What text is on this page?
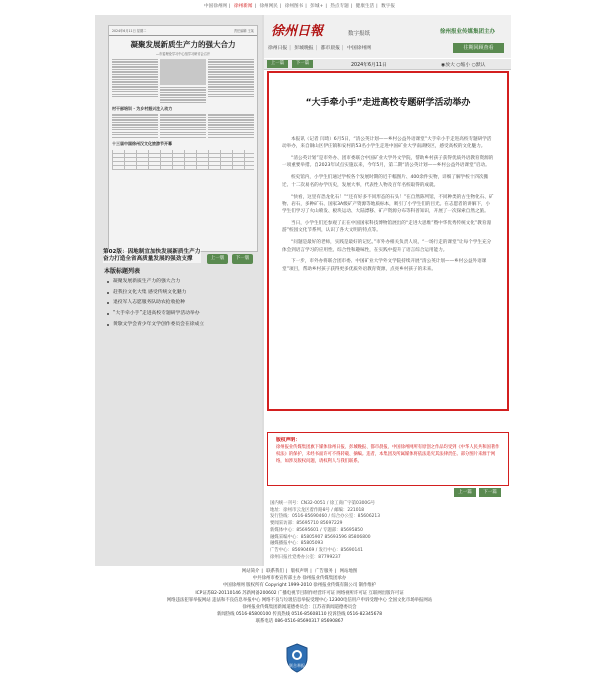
中国徐州网 | 徐州新闻 | 徐州网民 | 徐州图书 | 彭城+ | 热点专题 | 健康生活 | 数字报
2024年6月11日 星期二	责任编辑 王某
凝聚发展新质生产力的强大合力
—市委理论学习中心组学习研讨会召开
村干部培训 · 为乡村振兴注入动力
十三届中国徐州汉文化旅游节开幕
第02版：因地制宜加快发展新质生产力 奋力打造全省高质量发展的强劲支撑	上一版	下一版
本版标题列表
凝聚发展新质生产力的强大合力
赶我拉文化大集 感受传统文化魅力
退役军人志愿服务队助农抢收抢种
“大手牵小手”走进高校专题研学活动举办
黄歇文学会青少年文学创作委员会在徐成立
徐州日報	数字报纸	徐州报业传媒集团主办
徐州日报 | 彭城晚报 | 都市晨报 | 中国徐州网	往期回顾查看
上一篇	下一篇	2024年6月11日	◉放大 ○缩小 ○默认
“大手牵小手”走进高校专题研学活动举办

本报讯（记者 闫琦）6月5日，“清公英计划——乡村公益外语课堂”大手牵小手走进高校专题研学活动举办，来自铜山区伊庄镇和安村的53名小学生走进中国矿业大学南湖校区，感受高校的文化魅力。

“清公英计划”是市外办、团市委联合中国矿业大学外文学院，帮助乡村孩子获得优质外语教育资源的一项重要举措。自2023年试点实施以来，今年5月，第二期“清公英计划——乡村公益外语课堂”启动。

校史馆内，小学生们通过学校各个发展时期的近千幅图片、400余件实物，详细了解学校十四次搬迁、十二次易名的办学历史，发展大事，代表性人物及百年名校取得的成就。

“快看，这里有恐龙化石！”“还有好多不同形态的石头！”在自然陈列馆，不同种类的古生物化石、矿物、岩石，多种矿石、国家3A级矿产资源等地质标本，吸引了小学生们的目光。在志愿者的讲解下，小学生们学习了火山喷发、板块运动、大陆漂移、矿产资源分布等科普知识，开展了一次探索自然之旅。

当日，小学生们还参观了正在中国国家科技博物馆展出的“走进大思维”暨中华优秀传统文化”教育漫游”校园文化节系列，认识了各大文明的特点等。

“问题是最好的老师，实践是最好的记忆。”市外办相关负责人说，“一场行走的课堂”让每个学生充分体会到语言学习的应用性、综合性和趣味性，在实践中提升了语言综合运用能力。

下一步，市外办将联合团市委、中国矿业大学外文学院持续开展“清公英计划——乡村公益外语课堂”项目，帮助乡村孩子获得更多优质外语教育资源，点亮乡村孩子的未来。

版权声明：
徐州报业传媒集团旗下媒体徐州日报、彭城晚报、都市晨报、中国徐州网所有原创之作品均受到《中华人民共和国著作权法》的保护，未经书面许可不得转载、摘编。违者，本集团及所属媒体将依法追究其法律责任。部分图片来源于网络，如涉及版权问题，请权利人与我们联系。
上一篇	下一篇
国内统一刊号：CN32-0051 / 徐工商广字第0300G号
地址：徐州市云龙区着作路8号 / 邮编：221018
发行热线：0516-85690460 / 综合办公室：85606213
要闻采访部：85695710 85697229
新媒体中心：85695601 / 专题部：85695850
融媒采编中心：85805907 85693596 85806800
融媒播报中心：85805093
广告中心：85690469 / 发行中心：85690141
徐州日报社党委办公室：87799237
网站简介 | 联系我们 | 版权声明 | 广告服务 | 网站地图
中共徐州市委宣传部主办 徐州报业传媒集团承办
中国徐州网 版权所有 Copyright 1999-2010 徐州报业传媒有限公司 制作维护
ICP证苏B2-20110146 苏新网备200602 广播电视节目制作经营许可证 网络视听许可证 互联网出版许可证
网络违法犯罪举报网站 违法和不良信息举报中心 网络不良与垃圾信息举报受理中心 12300电信用户申诉受理中心 全国文化市场举报网站
徐州报业传媒集团新闻道德委员会：江苏省新闻道德委员会
新闻热线 0516-85800100 传真热线 0516-85608110 投诉热线 0516-82345678
联系电话 086-0516-85690317 85690867
联合举报
